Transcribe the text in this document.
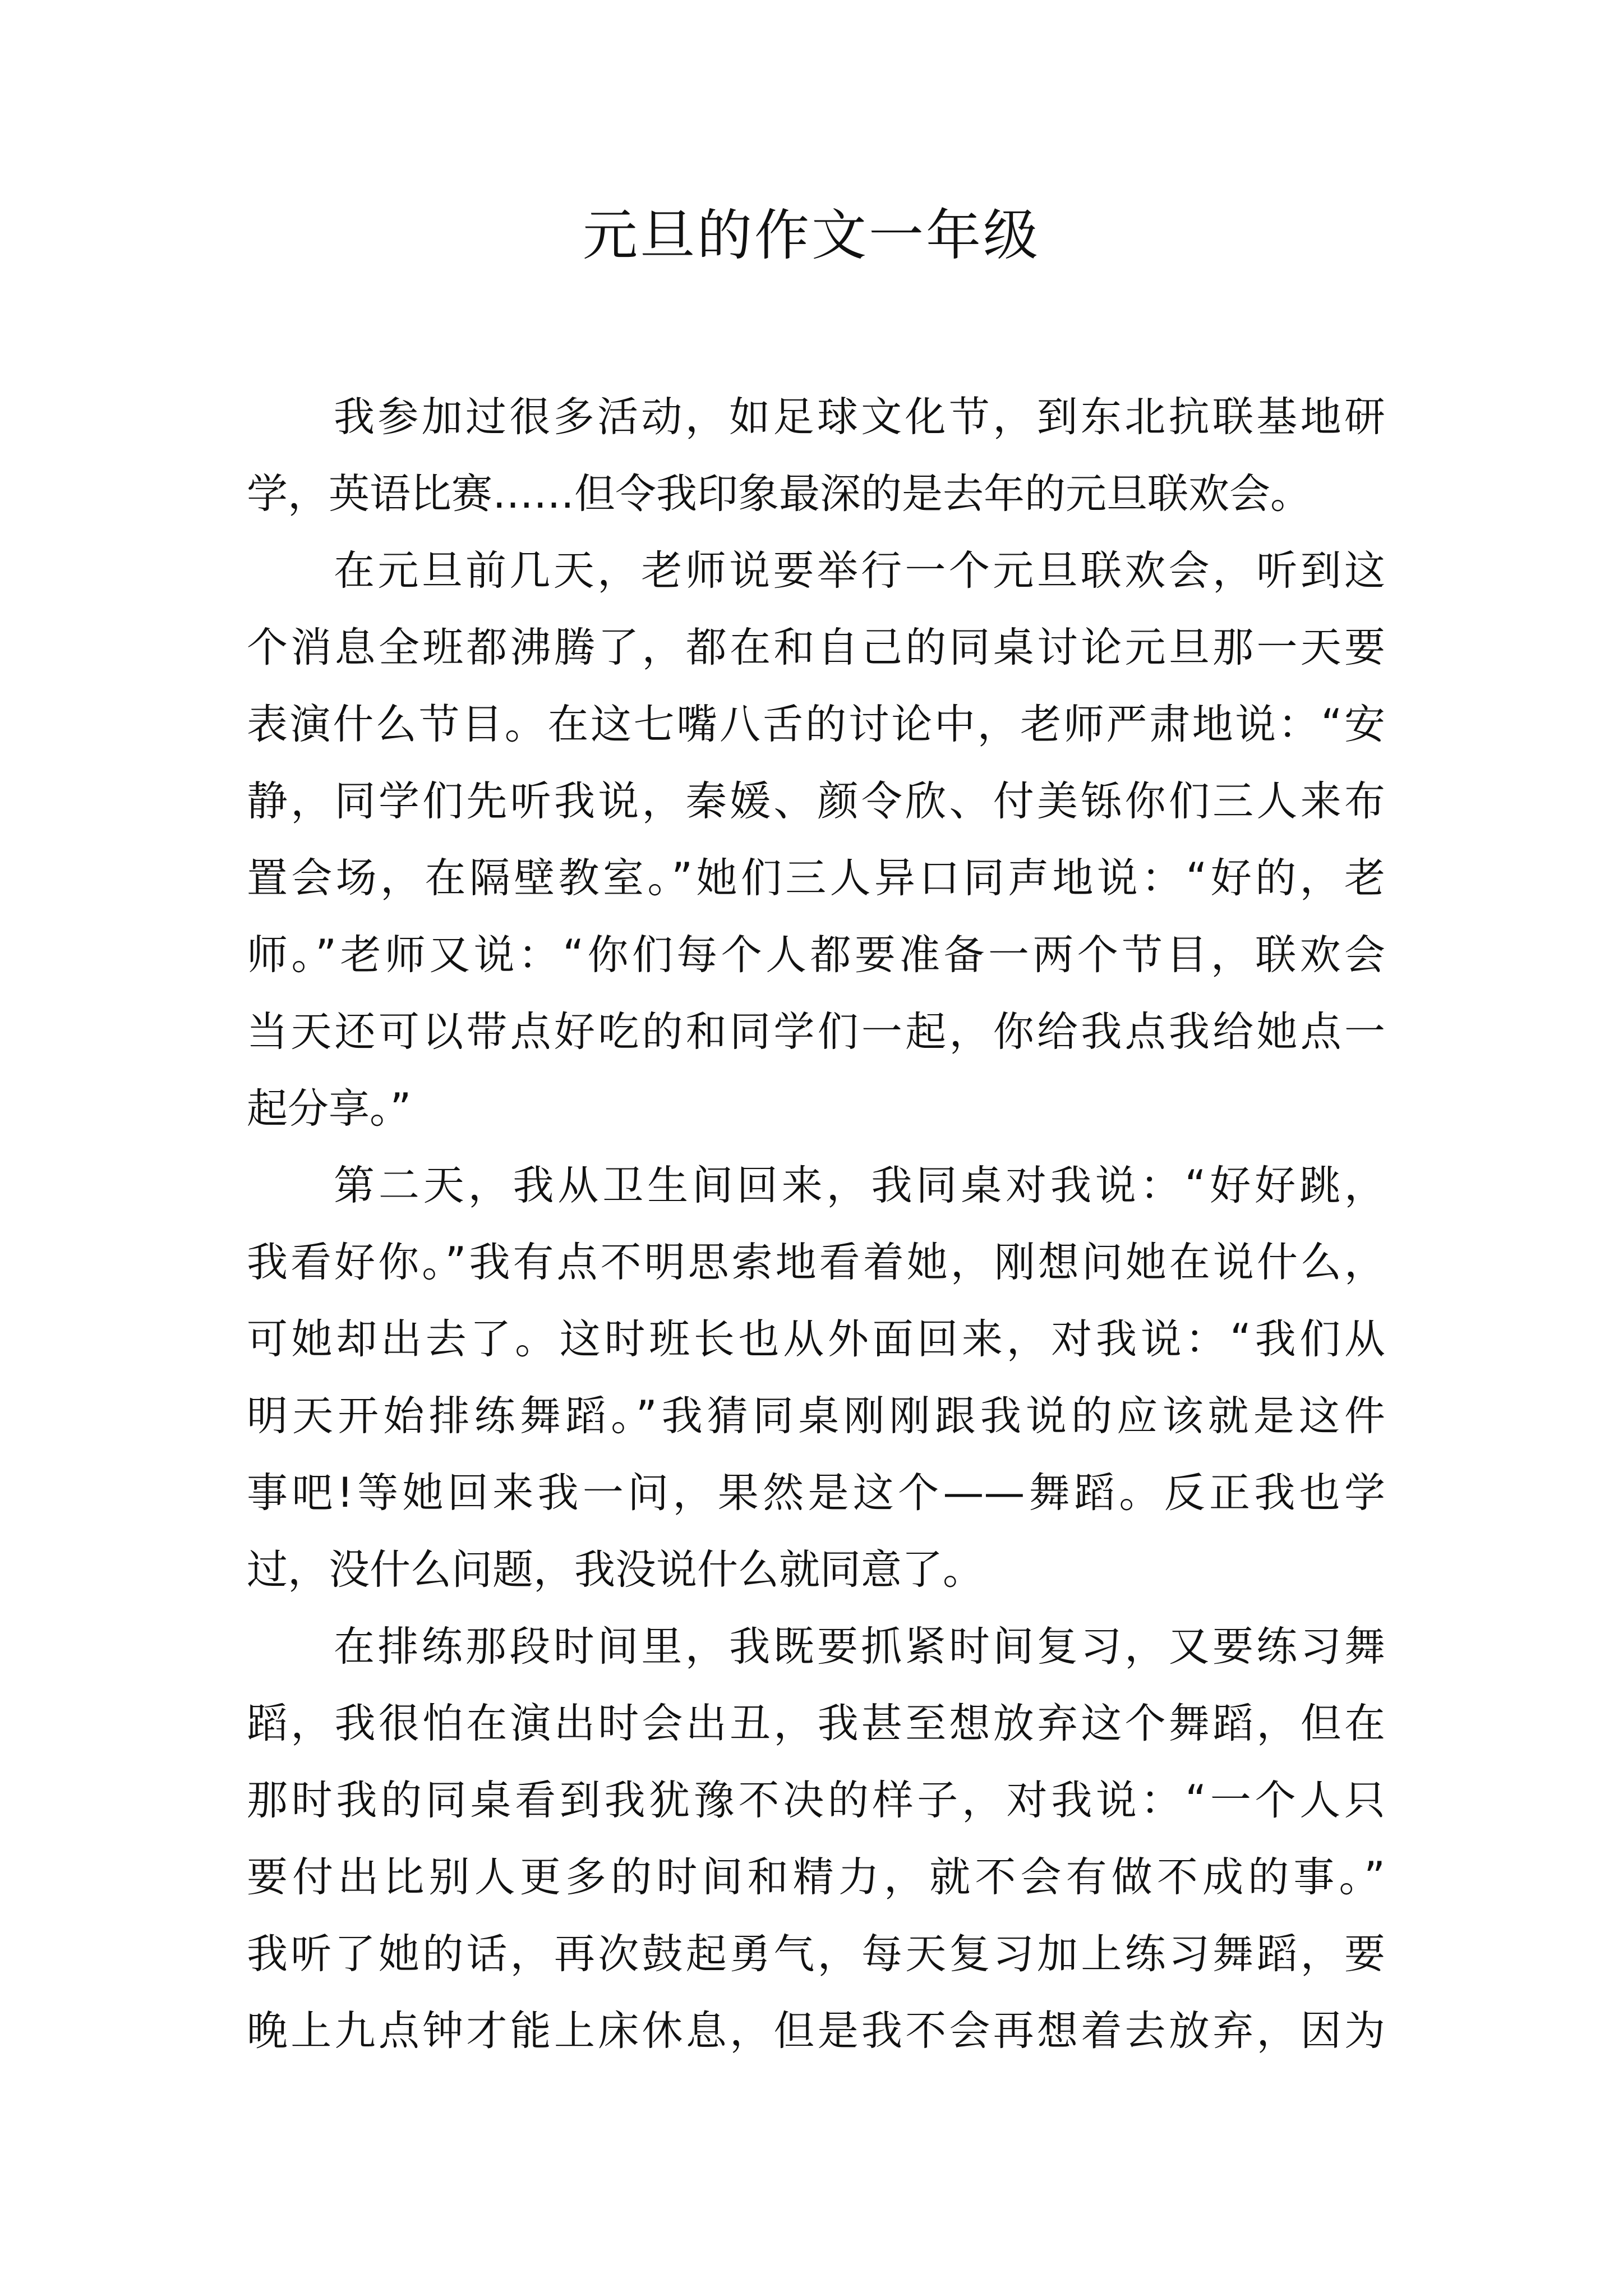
元旦的作文一年级
我参加过很多活动，如足球文化节，到东北抗联基地研
学，英语比赛……但令我印象最深的是去年的元旦联欢会。
在元旦前几天，老师说要举行一个元旦联欢会，听到这
个消息全班都沸腾了，都在和自己的同桌讨论元旦那一天要
表演什么节目。在这七嘴八舌的讨论中，老师严肃地说：“安
静，同学们先听我说，秦媛、颜令欣、付美铄你们三人来布
置会场，在隔壁教室。”她们三人异口同声地说：“好的，老
师。”老师又说：“你们每个人都要准备一两个节目，联欢会
当天还可以带点好吃的和同学们一起，你给我点我给她点一
起分享。”
第二天，我从卫生间回来，我同桌对我说：“好好跳，
我看好你。”我有点不明思索地看着她，刚想问她在说什么，
可她却出去了。这时班长也从外面回来，对我说：“我们从
明天开始排练舞蹈。”我猜同桌刚刚跟我说的应该就是这件
事吧!等她回来我一问，果然是这个——舞蹈。反正我也学
过，没什么问题，我没说什么就同意了。
在排练那段时间里，我既要抓紧时间复习，又要练习舞
蹈，我很怕在演出时会出丑，我甚至想放弃这个舞蹈，但在
那时我的同桌看到我犹豫不决的样子，对我说：“一个人只
要付出比别人更多的时间和精力，就不会有做不成的事。”
我听了她的话，再次鼓起勇气，每天复习加上练习舞蹈，要
晚上九点钟才能上床休息，但是我不会再想着去放弃，因为
